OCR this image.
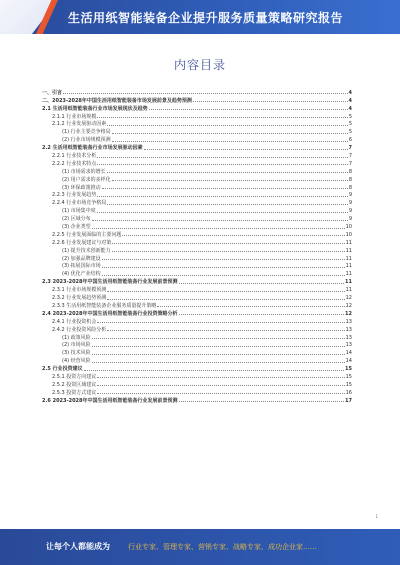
生活用纸智能装备企业提升服务质量策略研究报告
内容目录
一、引言	4
二、2023-2028年中国生活用纸智能装备市场发展前景及趋势预测	4
2.1 生活用纸智能装备行业市场发展现状及趋势	4
2.1.1 行业市场规模	5
2.1.2 行业发展驱动因素	5
(1) 行业主要竞争格局	5
(2) 行业市场规模预测	6
2.2 生活用纸智能装备行业市场发展驱动因素	7
2.2.1 行业技术分析	7
2.2.2 行业技术特点	7
(1) 市场需求的增长	8
(2) 用户需求的多样化	8
(3) 环保政策推动	8
2.2.3 行业发展趋势	9
2.2.4 行业市场竞争格局	9
(1) 市场集中度	9
(2) 区域分布	9
(3) 企业类型	10
2.2.5 行业发展面临的主要问题	10
2.2.6 行业发展建议与对策	11
(1) 提升技术创新能力	11
(2) 加强品牌建设	11
(3) 拓展国际市场	11
(4) 优化产业结构	11
2.3 2023-2028年中国生活用纸智能装备行业发展前景预测	11
2.3.1 行业市场规模预测	11
2.3.2 行业发展趋势预测	12
2.3.3 生活用纸智能装备企业服务质量提升策略	12
2.4 2023-2028年中国生活用纸智能装备行业投资策略分析	12
2.4.1 行业投资机会	13
2.4.2 行业投资风险分析	13
(1) 政策风险	13
(2) 市场风险	13
(3) 技术风险	14
(4) 经营风险	14
2.5 行业投资建议	15
2.5.1 投资方向建议	15
2.5.2 投资区域建议	15
2.5.3 投资方式建议	16
2.6 2023-2028年中国生活用纸智能装备行业发展前景预测	17
1
让每个人都能成为	行业专家、管理专家、营销专家、战略专家、成功企业家……
